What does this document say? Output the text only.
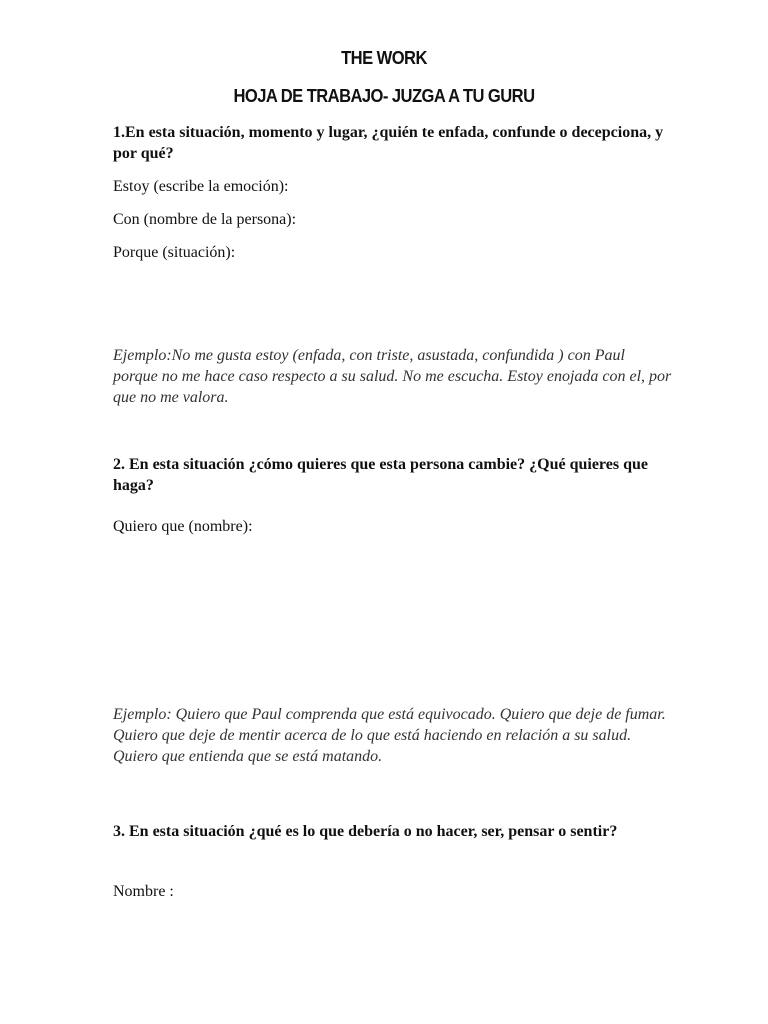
THE WORK
HOJA DE TRABAJO- JUZGA A TU GURU

1.En esta situación, momento y lugar, ¿quién te enfada, confunde o decepciona, y por qué?

Estoy (escribe la emoción):

Con (nombre de la persona):

Porque (situación):

Ejemplo:No me gusta estoy (enfada, con triste, asustada, confundida ) con Paul porque no me hace caso respecto a su salud. No me escucha. Estoy enojada con el, por que no me valora.

2. En esta situación ¿cómo quieres que esta persona cambie? ¿Qué quieres que haga?

Quiero que (nombre):

Ejemplo: Quiero que Paul comprenda que está equivocado. Quiero que deje de fumar. Quiero que deje de mentir acerca de lo que está haciendo en relación a su salud. Quiero que entienda que se está matando.

3. En esta situación ¿qué es lo que debería o no hacer, ser, pensar o sentir?

Nombre :
